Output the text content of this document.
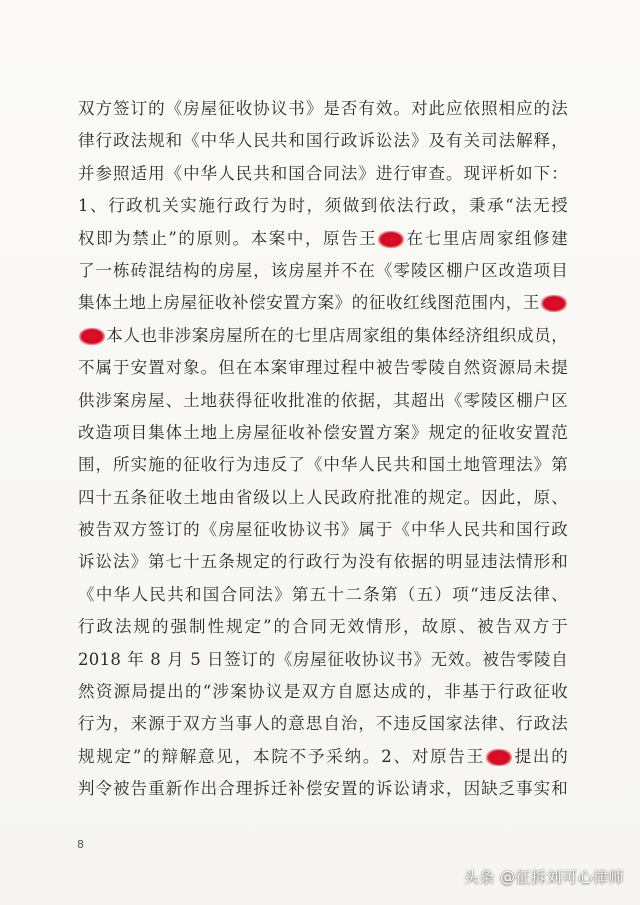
双方签订的《房屋征收协议书》是否有效。对此应依照相应的法
律行政法规和《中华人民共和国行政诉讼法》及有关司法解释，
并参照适用《中华人民共和国合同法》进行审查。现评析如下：
1、行政机关实施行政行为时，须做到依法行政，秉承“法无授
权即为禁止”的原则。本案中，原告王 在七里店周家组修建
了一栋砖混结构的房屋，该房屋并不在《零陵区棚户区改造项目
集体土地上房屋征收补偿安置方案》的征收红线图范围内，王
本人也非涉案房屋所在的七里店周家组的集体经济组织成员，
不属于安置对象。但在本案审理过程中被告零陵自然资源局未提
供涉案房屋、土地获得征收批准的依据，其超出《零陵区棚户区
改造项目集体土地上房屋征收补偿安置方案》规定的征收安置范
围，所实施的征收行为违反了《中华人民共和国土地管理法》第
四十五条征收土地由省级以上人民政府批准的规定。因此，原、
被告双方签订的《房屋征收协议书》属于《中华人民共和国行政
诉讼法》第七十五条规定的行政行为没有依据的明显违法情形和
《中华人民共和国合同法》第五十二条第（五）项“违反法律、
行政法规的强制性规定”的合同无效情形，故原、被告双方于
2018 年 8 月 5 日签订的《房屋征收协议书》无效。被告零陵自
然资源局提出的“涉案协议是双方自愿达成的，非基于行政征收
行为，来源于双方当事人的意思自治，不违反国家法律、行政法
规规定”的辩解意见，本院不予采纳。2、对原告王 提出的
判令被告重新作出合理拆迁补偿安置的诉讼请求，因缺乏事实和
8
头条 @征拆刘可心律师
